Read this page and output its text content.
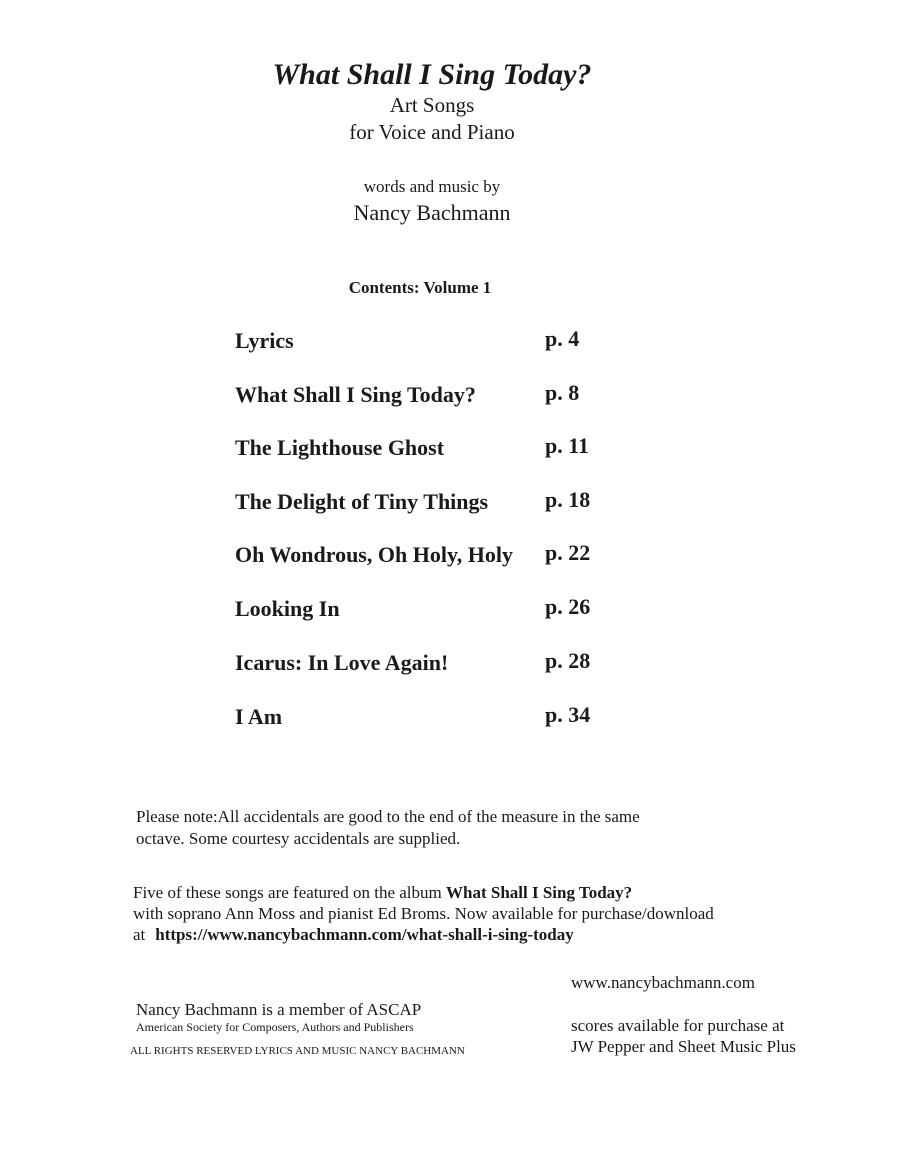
What Shall I Sing Today?
Art Songs
for Voice and Piano
words and music by
Nancy Bachmann
Contents: Volume 1
Lyrics	p. 4
What Shall I Sing Today?	p. 8
The Lighthouse Ghost	p. 11
The Delight of Tiny Things	p. 18
Oh Wondrous, Oh Holy, Holy p. 22
Looking In	p. 26
Icarus: In Love Again!	p. 28
I Am	p. 34
Please note:All accidentals are good to the end of the measure in the same
octave. Some courtesy accidentals are supplied.
Five of these songs are featured on the album What Shall I Sing Today?
with soprano Ann Moss and pianist Ed Broms. Now available for purchase/download
at https://www.nancybachmann.com/what-shall-i-sing-today
www.nancybachmann.com
Nancy Bachmann is a member of ASCAP
American Society for Composers, Authors and Publishers
ALL RIGHTS RESERVED LYRICS AND MUSIC NANCY BACHMANN
scores available for purchase at
JW Pepper and Sheet Music Plus
